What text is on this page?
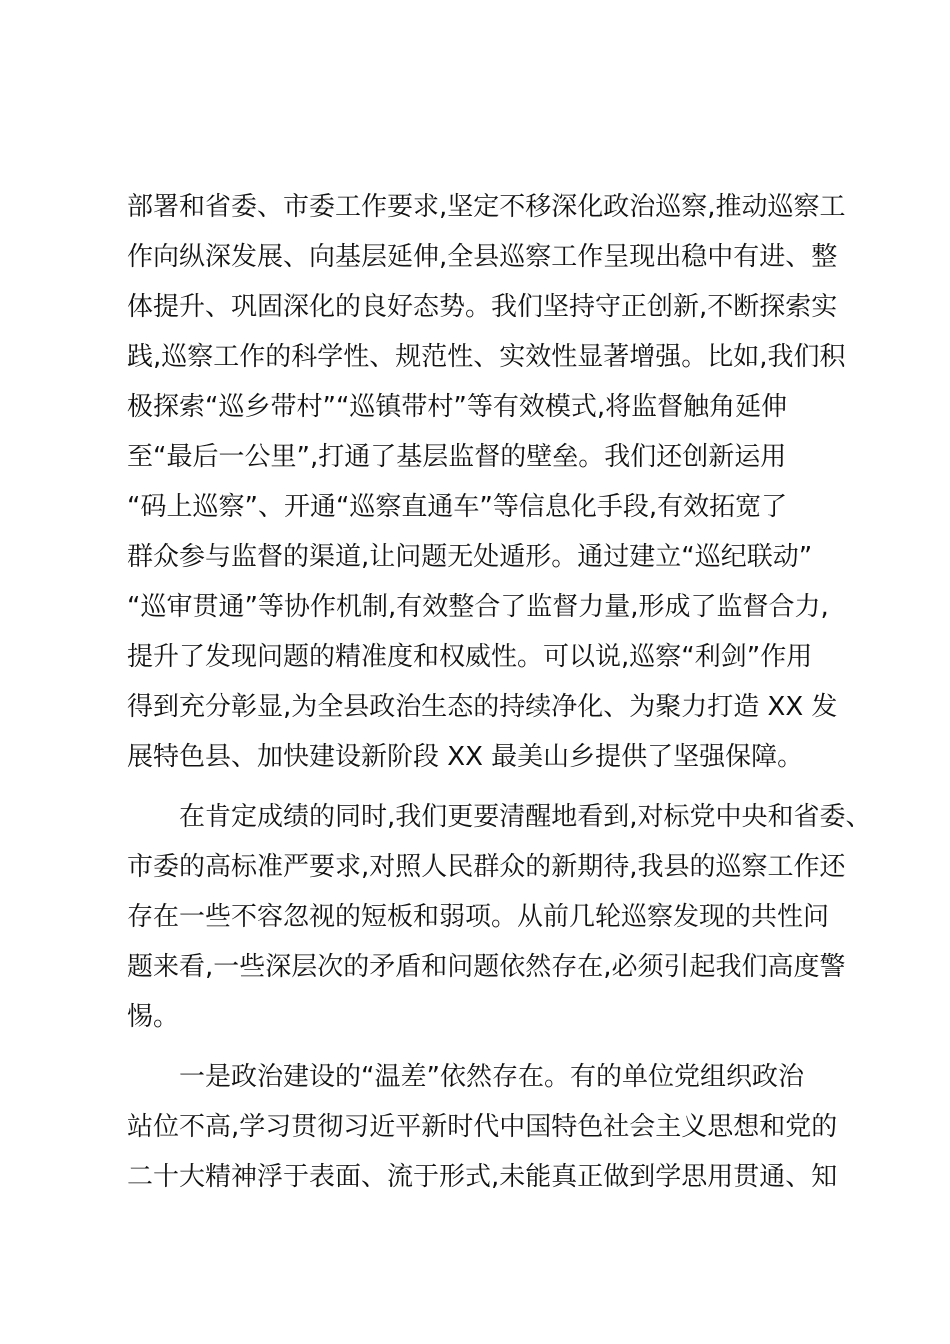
部署和省委、市委工作要求,坚定不移深化政治巡察,推动巡察工
作向纵深发展、向基层延伸,全县巡察工作呈现出稳中有进、整
体提升、巩固深化的良好态势。我们坚持守正创新,不断探索实
践,巡察工作的科学性、规范性、实效性显著增强。比如,我们积
极探索“巡乡带村”“巡镇带村”等有效模式,将监督触角延伸
至“最后一公里”,打通了基层监督的壁垒。我们还创新运用
“码上巡察”、开通“巡察直通车”等信息化手段,有效拓宽了
群众参与监督的渠道,让问题无处遁形。通过建立“巡纪联动”
“巡审贯通”等协作机制,有效整合了监督力量,形成了监督合力,
提升了发现问题的精准度和权威性。可以说,巡察“利剑”作用
得到充分彰显,为全县政治生态的持续净化、为聚力打造 XX 发
展特色县、加快建设新阶段 XX 最美山乡提供了坚强保障。
在肯定成绩的同时,我们更要清醒地看到,对标党中央和省委、
市委的高标准严要求,对照人民群众的新期待,我县的巡察工作还
存在一些不容忽视的短板和弱项。从前几轮巡察发现的共性问
题来看,一些深层次的矛盾和问题依然存在,必须引起我们高度警
惕。
一是政治建设的“温差”依然存在。有的单位党组织政治
站位不高,学习贯彻习近平新时代中国特色社会主义思想和党的
二十大精神浮于表面、流于形式,未能真正做到学思用贯通、知
